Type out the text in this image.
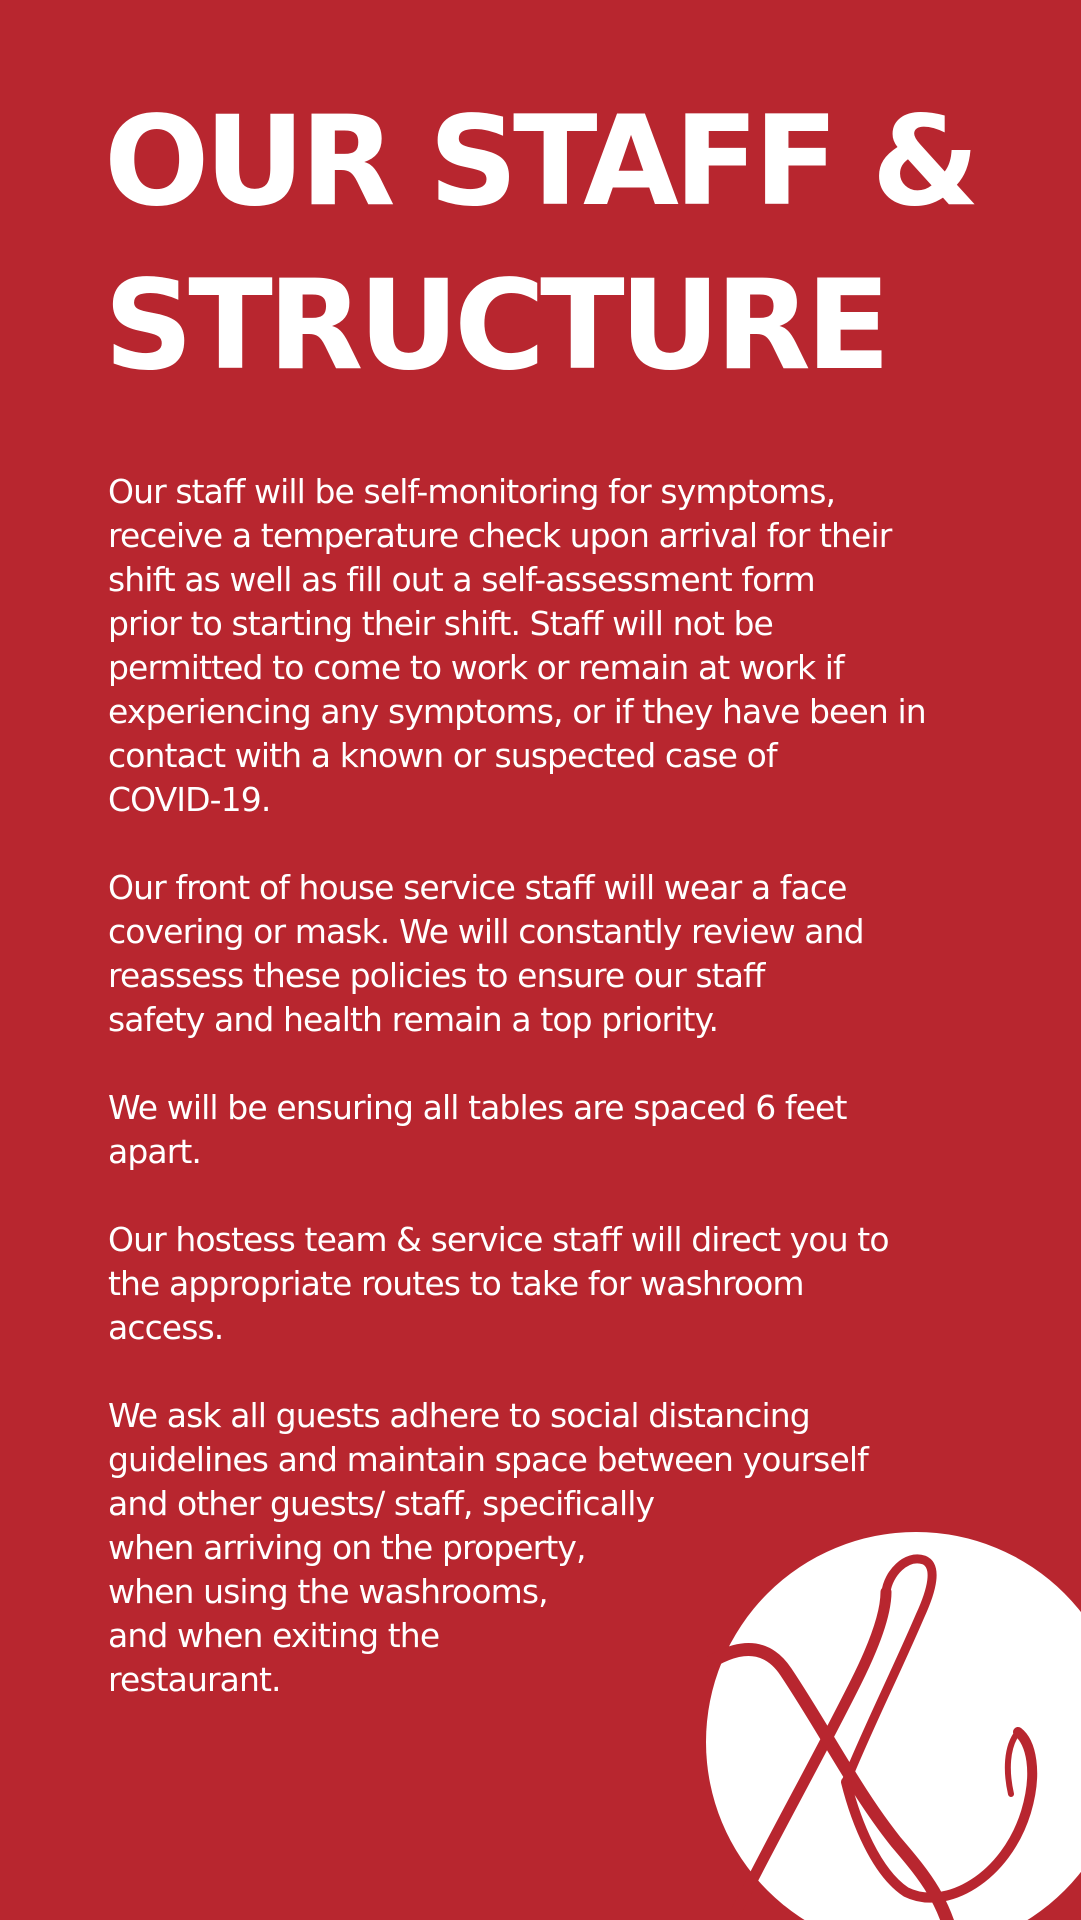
OUR STAFF &
STRUCTURE

Our staff will be self-monitoring for symptoms,
receive a temperature check upon arrival for their
shift as well as fill out a self-assessment form
prior to starting their shift. Staff will not be
permitted to come to work or remain at work if
experiencing any symptoms, or if they have been in
contact with a known or suspected case of
COVID-19.

Our front of house service staff will wear a face
covering or mask. We will constantly review and
reassess these policies to ensure our staff
safety and health remain a top priority.

We will be ensuring all tables are spaced 6 feet
apart.

Our hostess team & service staff will direct you to
the appropriate routes to take for washroom
access.

We ask all guests adhere to social distancing
guidelines and maintain space between yourself
and other guests/ staff, specifically
when arriving on the property,
when using the washrooms,
and when exiting the
restaurant.
